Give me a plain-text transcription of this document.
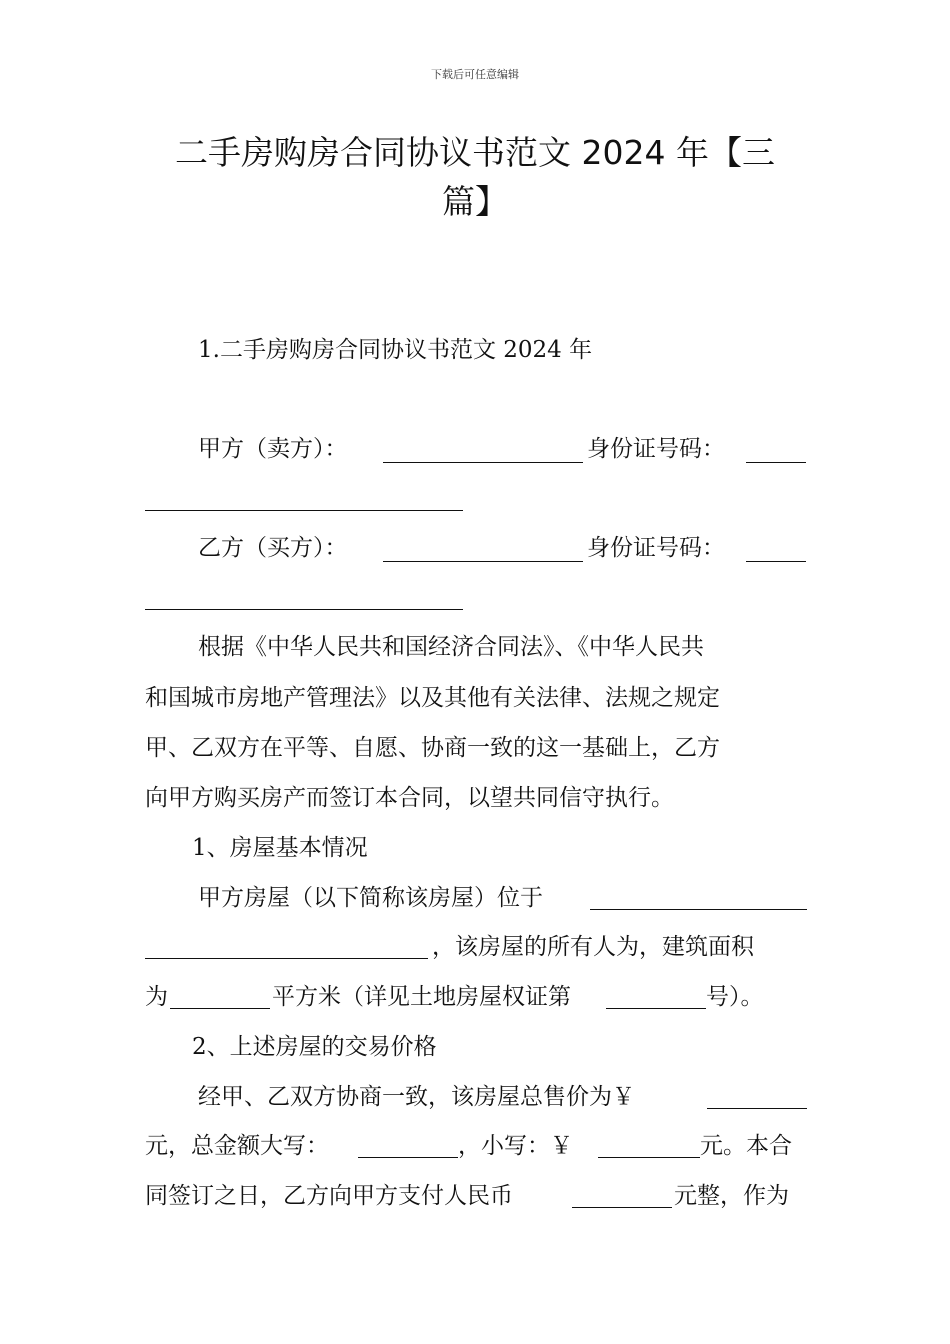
下载后可任意编辑
二手房购房合同协议书范文 2024 年【三
篇】
1.二手房购房合同协议书范文 2024 年
甲方（卖方）：	身份证号码：
乙方（买方）：	身份证号码：
根据《中华人民共和国经济合同法》、《中华人民共
和国城市房地产管理法》以及其他有关法律、法规之规定
甲、乙双方在平等、自愿、协商一致的这一基础上，乙方
向甲方购买房产而签订本合同，以望共同信守执行。
1、房屋基本情况
甲方房屋（以下简称该房屋）位于
，该房屋的所有人为，建筑面积
为	平方米（详见土地房屋权证第	号）。
2、上述房屋的交易价格
经甲、乙双方协商一致，该房屋总售价为￥
元，总金额大写：	，小写：￥	元。本合
同签订之日，乙方向甲方支付人民币	元整，作为
